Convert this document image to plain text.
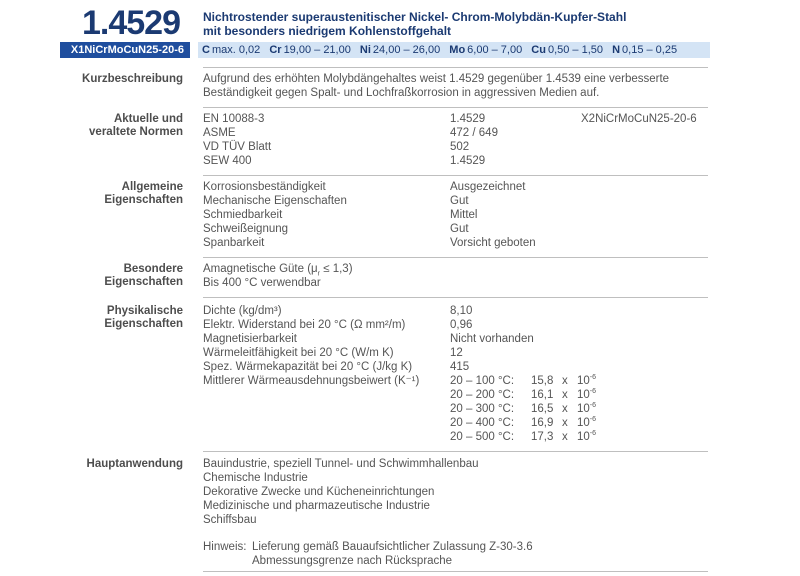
1.4529 Nichtrostender superaustenitischer Nickel- Chrom-Molybdän-Kupfer-Stahl
mit besonders niedrigem Kohlenstoffgehalt
X1NiCrMoCuN25-20-6	C max. 0,02 Cr 19,00 – 21,00 Ni 24,00 – 26,00 Mo 6,00 – 7,00 Cu 0,50 – 1,50 N 0,15 – 0,25
Kurzbeschreibung Aufgrund des erhöhten Molybdängehaltes weist 1.4529 gegenüber 1.4539 eine verbesserte
Beständigkeit gegen Spalt- und Lochfraßkorrosion in aggressiven Medien auf.
Aktuelle und
veraltete Normen
EN 10088-3	1.4529	X2NiCrMoCuN25-20-6
ASME	472 / 649
VD TÜV Blatt	502
SEW 400	1.4529
Allgemeine
Eigenschaften
Korrosionsbeständigkeit	Ausgezeichnet
Mechanische Eigenschaften	Gut
Schmiedbarkeit	Mittel
Schweißeignung	Gut
Spanbarkeit	Vorsicht geboten
Besondere
Eigenschaften
Amagnetische Güte $(\mu_r \le 1,3)$
Bis 400 °C verwendbar
Physikalische
Eigenschaften
Dichte (kg/dm³)	8,10
Elektr. Widerstand bei 20 °C (Ω mm²/m)	0,96
Magnetisierbarkeit	Nicht vorhanden
Wärmeleitfähigkeit bei 20 °C (W/m K)	12
Spez. Wärmekapazität bei 20 °C (J/kg K)	415
Mittlerer Wärmeausdehnungsbeiwert (K⁻¹)	20 – 100 °C: 15,8 x $10^{-6}$
20 – 200 °C: 16,1 x $10^{-6}$
20 – 300 °C: 16,5 x $10^{-6}$
20 – 400 °C: 16,9 x $10^{-6}$
20 – 500 °C: 17,3 x $10^{-6}$
Hauptanwendung Bauindustrie, speziell Tunnel- und Schwimmhallenbau
Chemische Industrie
Dekorative Zwecke und Kücheneinrichtungen
Medizinische und pharmazeutische Industrie
Schiffsbau
Hinweis: Lieferung gemäß Bauaufsichtlicher Zulassung Z-30-3.6
Abmessungsgrenze nach Rücksprache
